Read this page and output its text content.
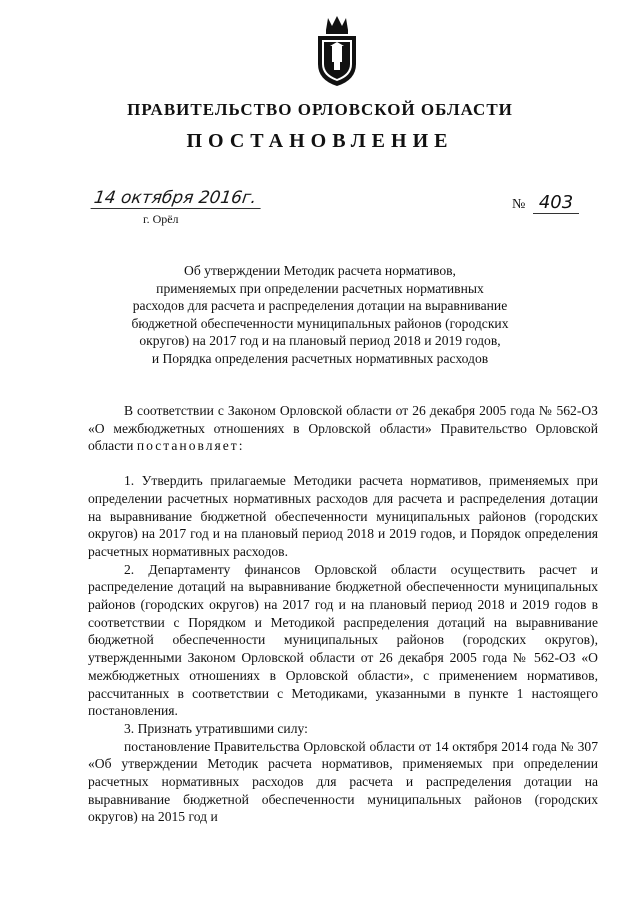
ПРАВИТЕЛЬСТВО ОРЛОВСКОЙ ОБЛАСТИ
ПОСТАНОВЛЕНИЕ
14 октября 2016г.
г. Орёл
№ 403
Об утверждении Методик расчета нормативов,
применяемых при определении расчетных нормативных
расходов для расчета и распределения дотации на выравнивание
бюджетной обеспеченности муниципальных районов (городских
округов) на 2017 год и на плановый период 2018 и 2019 годов,
и Порядка определения расчетных нормативных расходов

В соответствии с Законом Орловской области от 26 декабря 2005 года № 562-ОЗ «О межбюджетных отношениях в Орловской области» Правительство Орловской области постановляет:

1. Утвердить прилагаемые Методики расчета нормативов, применяемых при определении расчетных нормативных расходов для расчета и распределения дотации на выравнивание бюджетной обеспеченности муниципальных районов (городских округов) на 2017 год и на плановый период 2018 и 2019 годов, и Порядок определения расчетных нормативных расходов.

2. Департаменту финансов Орловской области осуществить расчет и распределение дотаций на выравнивание бюджетной обеспеченности муниципальных районов (городских округов) на 2017 год и на плановый период 2018 и 2019 годов в соответствии с Порядком и Методикой распределения дотаций на выравнивание бюджетной обеспеченности муниципальных районов (городских округов), утвержденными Законом Орловской области от 26 декабря 2005 года № 562-ОЗ «О межбюджетных отношениях в Орловской области», с применением нормативов, рассчитанных в соответствии с Методиками, указанными в пункте 1 настоящего постановления.

3. Признать утратившими силу:

постановление Правительства Орловской области от 14 октября 2014 года № 307 «Об утверждении Методик расчета нормативов, применяемых при определении расчетных нормативных расходов для расчета и распределения дотации на выравнивание бюджетной обеспеченности муниципальных районов (городских округов) на 2015 год и
